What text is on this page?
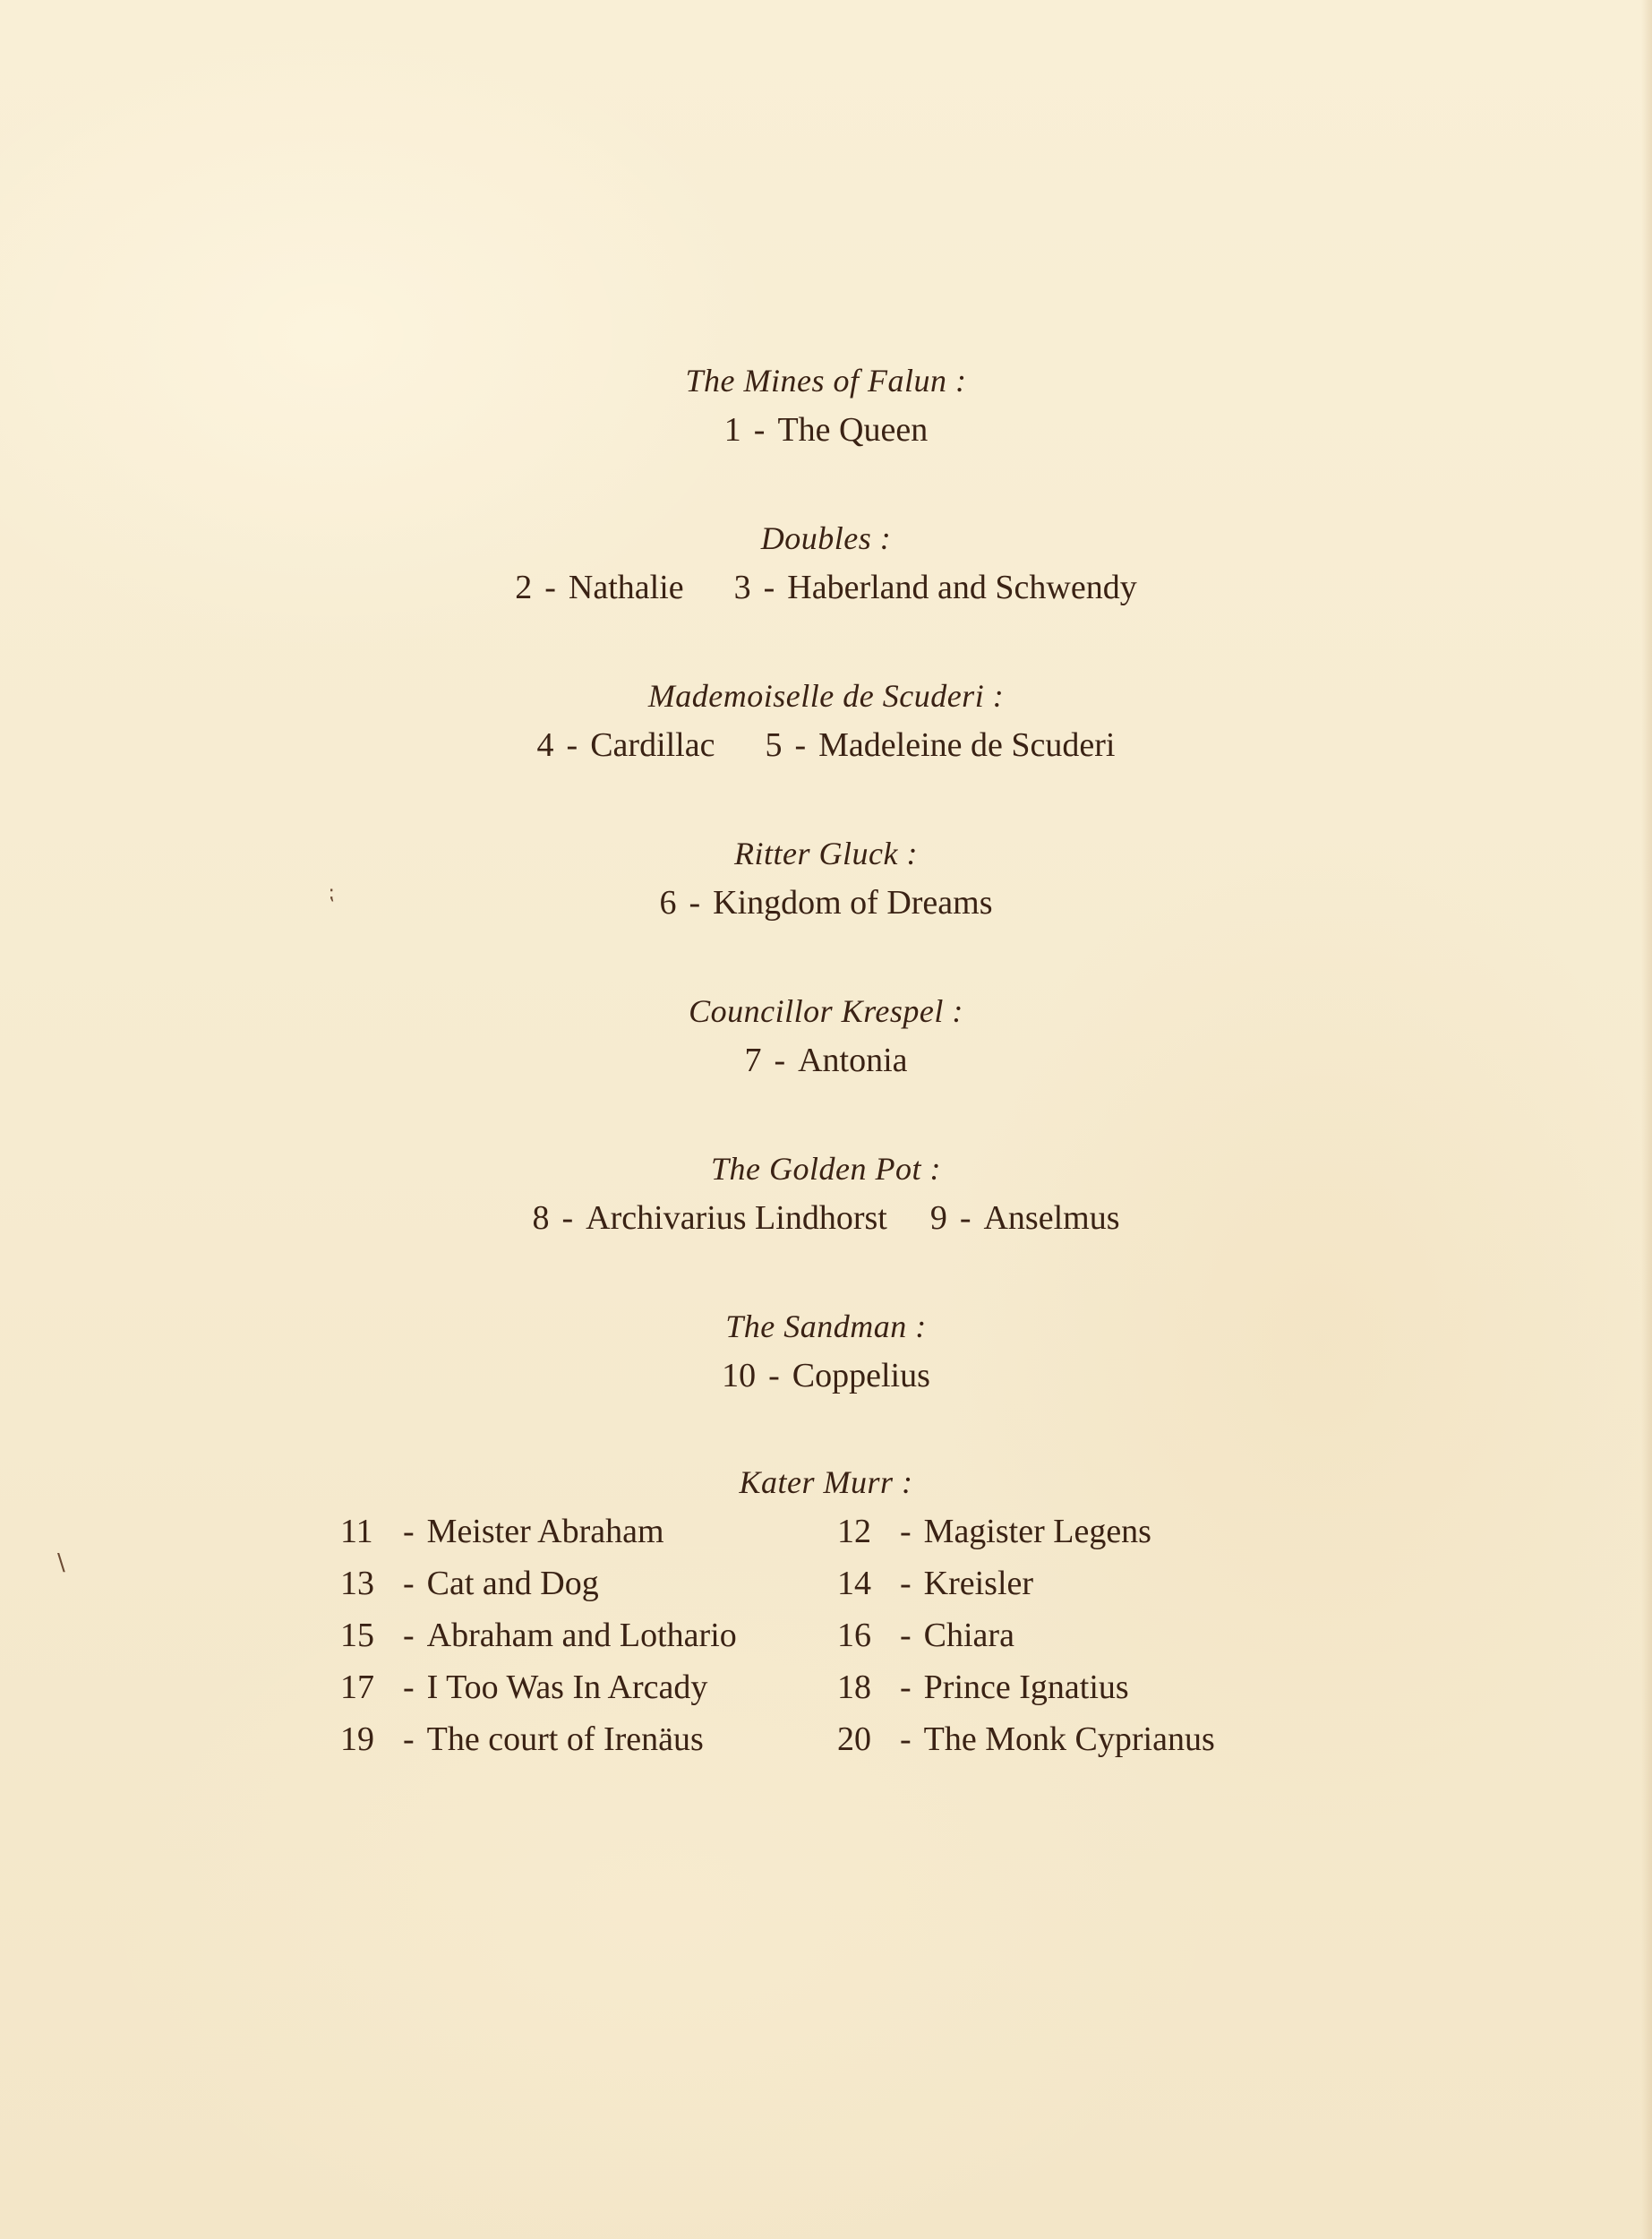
The Mines of Falun :
1 - The Queen
Doubles :
2 - Nathalie 3 - Haberland and Schwendy
Mademoiselle de Scuderi :
4 - Cardillac 5 - Madeleine de Scuderi
Ritter Gluck :
6 - Kingdom of Dreams
Councillor Krespel :
7 - Antonia
The Golden Pot :
8 - Archivarius Lindhorst 9 - Anselmus
The Sandman :
10 - Coppelius
Kater Murr :
11 - Meister Abraham	12 - Magister Legens
13 - Cat and Dog	14 - Kreisler
15 - Abraham and Lothario	16 - Chiara
17 - I Too Was In Arcady	18 - Prince Ignatius
19 - The court of Irenäus	20 - The Monk Cyprianus
⁏
\
